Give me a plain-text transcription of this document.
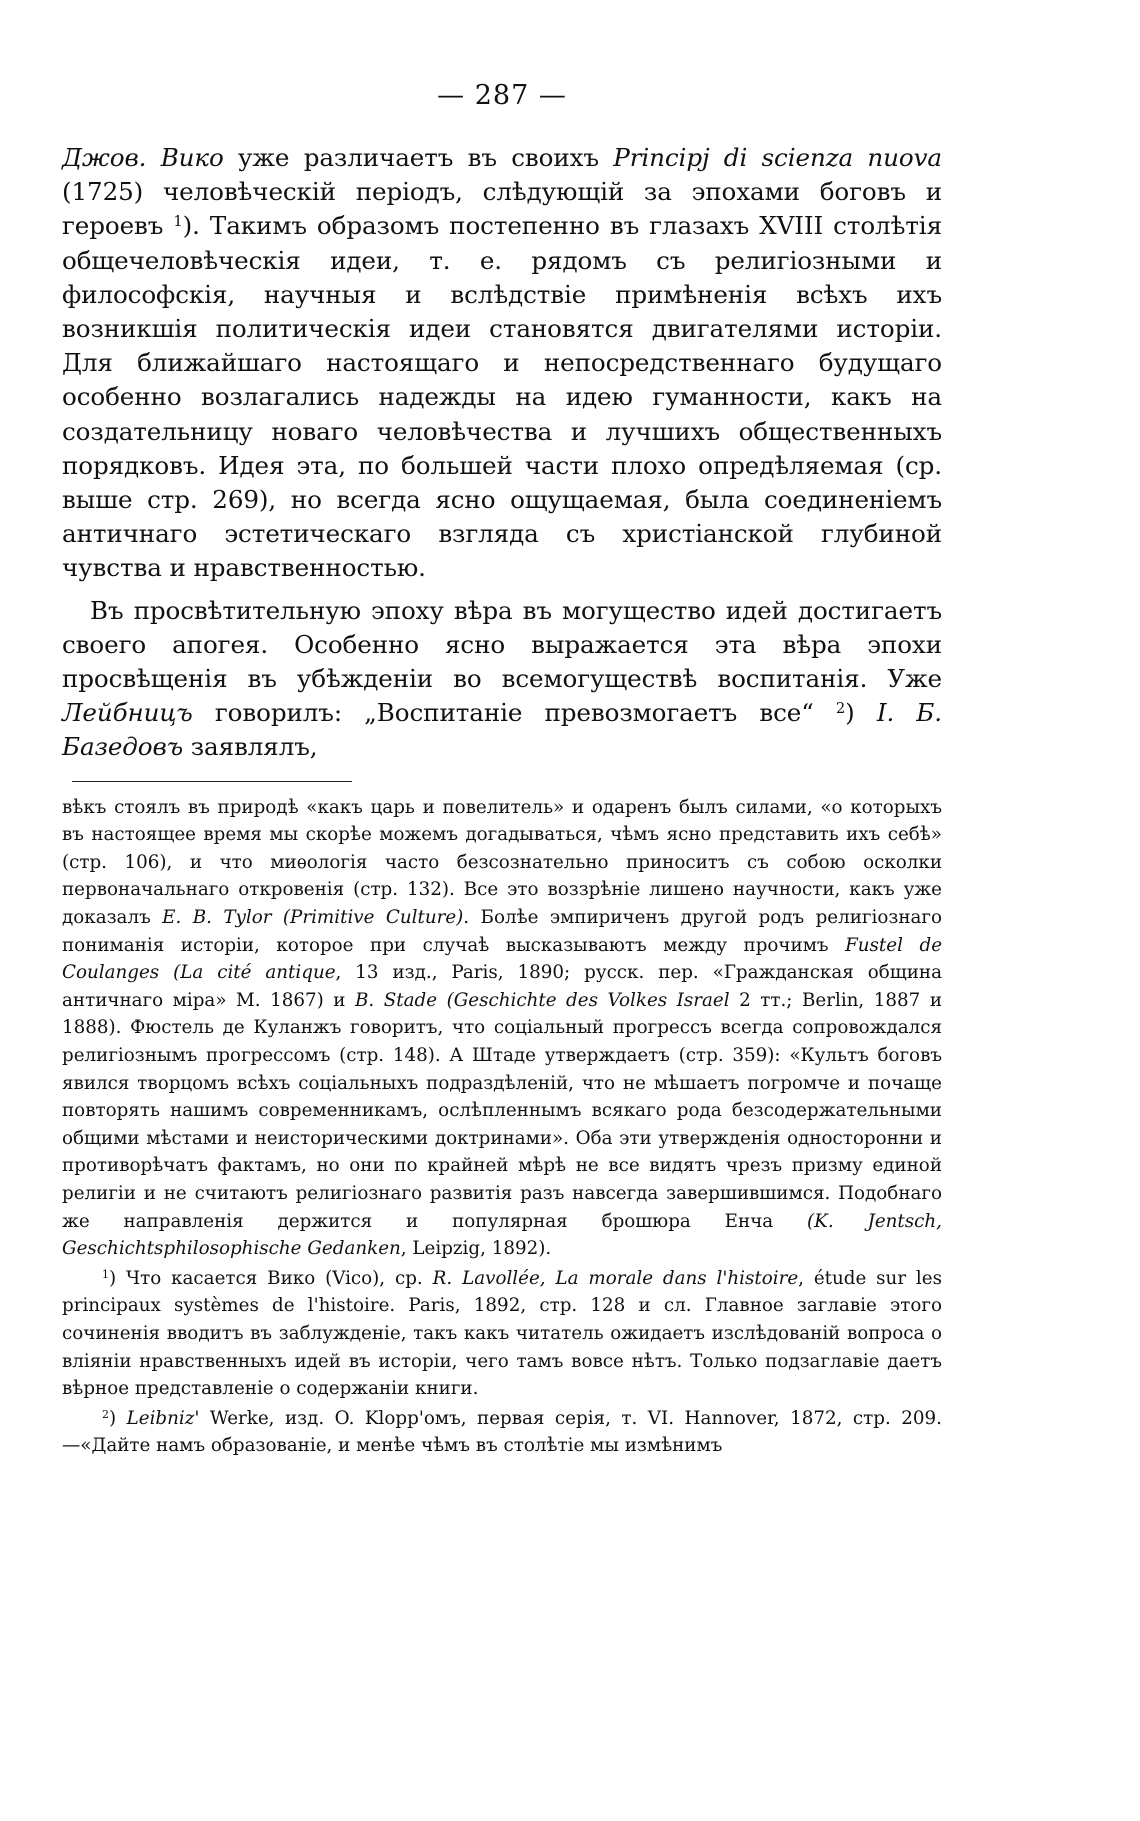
— 287 —

Джов. Вико уже различаетъ въ своихъ Principj di scienza nuova (1725) человѣческій періодъ, слѣдующій за эпохами боговъ и героевъ $^1$). Такимъ образомъ постепенно въ глазахъ XVIII столѣтія общечеловѣческія идеи, т. е. рядомъ съ религіозными и философскія, научныя и вслѣдствіе примѣненія всѣхъ ихъ возникшія политическія идеи становятся двигателями исторіи. Для ближайшаго настоящаго и непосредственнаго будущаго особенно возлагались надежды на идею гуманности, какъ на создательницу новаго человѣчества и лучшихъ общественныхъ порядковъ. Идея эта, по большей части плохо опредѣляемая (ср. выше стр. 269), но всегда ясно ощущаемая, была соединеніемъ античнаго эстетическаго взгляда съ христіанской глубиной чувства и нравственностью.

Въ просвѣтительную эпоху вѣра въ могущество идей достигаетъ своего апогея. Особенно ясно выражается эта вѣра эпохи просвѣщенія въ убѣжденіи во всемогуществѣ воспитанія. Уже Лейбницъ говорилъ: „Воспитаніе превозмогаетъ все“ $^2$) I. Б. Базедовъ заявлялъ,

вѣкъ стоялъ въ природѣ «какъ царь и повелитель» и одаренъ былъ силами, «о которыхъ въ настоящее время мы скорѣе можемъ догадываться, чѣмъ ясно представить ихъ себѣ» (стр. 106), и что миѳологія часто безсознательно приноситъ съ собою осколки первоначальнаго откровенія (стр. 132). Все это воззрѣніе лишено научности, какъ уже доказалъ E. B. Tylor (Primitive Culture). Болѣе эмпириченъ другой родъ религіознаго пониманія исторіи, которое при случаѣ высказываютъ между прочимъ Fustel de Coulanges (La cité antique, 13 изд., Paris, 1890; русск. пер. «Гражданская община античнаго міра» М. 1867) и B. Stade (Geschichte des Volkes Israel 2 тт.; Berlin, 1887 и 1888). Фюстель де Куланжъ говоритъ, что соціальный прогрессъ всегда сопровождался религіознымъ прогрессомъ (стр. 148). А Штаде утверждаетъ (стр. 359): «Культъ боговъ явился творцомъ всѣхъ соціальныхъ подраздѣленій, что не мѣшаетъ погромче и почаще повторять нашимъ современникамъ, ослѣпленнымъ всякаго рода безсодержательными общими мѣстами и неисторическими доктринами». Оба эти утвержденія односторонни и противорѣчатъ фактамъ, но они по крайней мѣрѣ не все видятъ чрезъ призму единой религіи и не считаютъ религіознаго развитія разъ навсегда завершившимся. Подобнаго же направленія держится и популярная брошюра Енча (K. Jentsch, Geschichtsphilosophische Gedanken, Leipzig, 1892).

$^1$) Что касается Вико (Vico), ср. R. Lavollée, La morale dans l'histoire, étude sur les principaux systèmes de l'histoire. Paris, 1892, стр. 128 и сл. Главное заглавіе этого сочиненія вводитъ въ заблужденіе, такъ какъ читатель ожидаетъ изслѣдованій вопроса о вліяніи нравственныхъ идей въ исторіи, чего тамъ вовсе нѣтъ. Только подзаглавіе даетъ вѣрное представленіе о содержаніи книги.

$^2$) Leibniz' Werke, изд. O. Klopp'омъ, первая серія, т. VI. Hannover, 1872, стр. 209.—«Дайте намъ образованіе, и менѣе чѣмъ въ столѣтіе мы измѣнимъ
